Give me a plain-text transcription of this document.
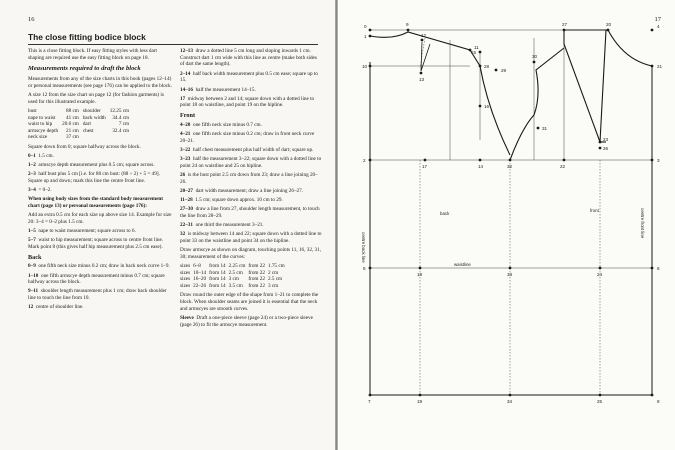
16
The close fitting bodice block

This is a close fitting block. If easy fitting styles with less dart shaping are required use the easy fitting block on page 18.

Measurements required to draft the block

Measurements from any of the size charts in this book (pages 12–14) or personal measurements (see page 176) can be applied to the block.

A size 12 from the size chart on page 12 (for fashion garments) is used for this illustrated example.

bust	88 cm	shoulder	12.25 cm
nape to waist	41 cm	back width	34.4 cm
waist to hip	20.6 cm	dart	7 cm
armscye depth	21 cm	chest	32.4 cm
neck size	37 cm		

Square down from 0; square halfway across the block.

0–1  1.5 cm.

1–2  armscye depth measurement plus 0.5 cm; square across.

2–3  half bust plus 5 cm [i.e. for 88 cm bust: (88 ÷ 2) + 5 = 49]. Square up and down; mark this line the centre front line.

3–4  = 0–2.

When using body sizes from the standard body measurement chart (page 13) or personal measurements (page 176):

Add an extra 0.5 cm for each size up above size 14. Example for size 20: 3–4 = 0–2 plus 1.5 cm.

1–5  nape to waist measurement; square across to 6.

5–7  waist to hip measurement; square across to centre front line. Mark point 8 (this gives half hip measurement plus 2.5 cm ease).

Back

0–9  one fifth neck size minus 0.2 cm; draw in back neck curve 1–9.

1–10  one fifth armscye depth measurement minus 0.7 cm; square halfway across the block.

9–11  shoulder length measurement plus 1 cm; draw back shoulder line to touch the line from 10.

12  centre of shoulder line.

12–13  draw a dotted line 5 cm long and sloping inwards 1 cm. Construct dart 1 cm wide with this line as centre (make both sides of dart the same length).

2–14  half back width measurement plus 0.5 cm ease; square up to 15.

14–16  half the measurement 14–15.

17  midway between 2 and 14; square down with a dotted line to point 18 on waistline, and point 19 on the hipline.

Front

4–20  one fifth neck size minus 0.7 cm.

4–21  one fifth neck size minus 0.2 cm; draw in front neck curve 20–21.

3–22  half chest measurement plus half width of dart; square up.

3–23  half the measurement 3–22; square down with a dotted line to point 24 on waistline and 25 on hipline.

26  is the bust point 2.5 cm down from 23; draw a line joining 20–26.

20–27  dart width measurement; draw a line joining 26–27.

11–28  1.5 cm; square down approx. 10 cm to 29.

27–30  draw a line from 27, shoulder length measurement, to touch the line from 28–29.

22–31  one third the measurement 3–21.

32  is midway between 14 and 22; square down with a dotted line to point 33 on the waistline and point 34 on the hipline.

Draw armscye as shown on diagram, touching points 11, 16, 32, 31, 30; measurement of the curves:

sizes	6–8	from 14	2.25 cm	from 22	1.75 cm
sizes	10–14	from 14	2.5 cm	from 22	2 cm
sizes	16–20	from 14	3 cm	from 22	2.5 cm
sizes	22–26	from 14	3.5 cm	from 22	3 cm

Draw round the outer edge of the shape from 1–21 to complete the block. When shoulder seams are joined it is essential that the neck and armscyes are smooth curves.

Sleeve Draft a one-piece sleeve (page 24) or a two-piece sleeve (page 26) to fit the armscye measurement.

17
0
1
2	3
4
5	6
7	8
9
10
11
12
13
14
15
16
17
18
19
20
21
22
23
24
25
26
27
28
29
30
31
32
33
34
back
front
waistline
centre back line
centre front line
